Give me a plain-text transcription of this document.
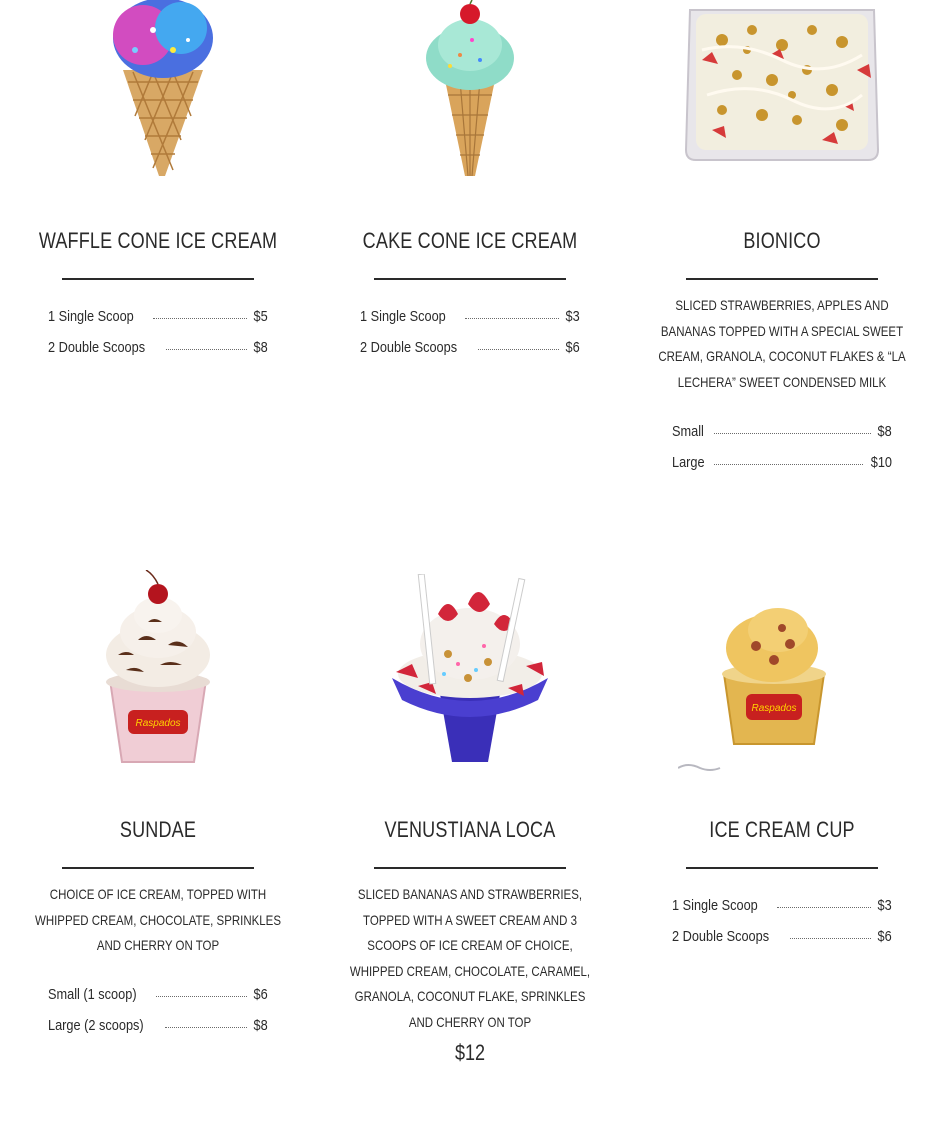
WAFFLE CONE ICE CREAM
1 Single Scoop	$5
2 Double Scoops	$8
CAKE CONE ICE CREAM
1 Single Scoop	$3
2 Double Scoops	$6
BIONICO
SLICED STRAWBERRIES, APPLES AND BANANAS TOPPED WITH A SPECIAL SWEET CREAM, GRANOLA, COCONUT FLAKES & “LA LECHERA” SWEET CONDENSED MILK
Small	$8
Large	$10
Raspados
SUNDAE
CHOICE OF ICE CREAM, TOPPED WITH WHIPPED CREAM, CHOCOLATE, SPRINKLES AND CHERRY ON TOP
Small (1 scoop)	$6
Large (2 scoops)	$8
VENUSTIANA LOCA
SLICED BANANAS AND STRAWBERRIES, TOPPED WITH A SWEET CREAM AND 3 SCOOPS OF ICE CREAM OF CHOICE, WHIPPED CREAM, CHOCOLATE, CARAMEL, GRANOLA, COCONUT FLAKE, SPRINKLES AND CHERRY ON TOP
$12
Raspados
ICE CREAM CUP
1 Single Scoop	$3
2 Double Scoops	$6
